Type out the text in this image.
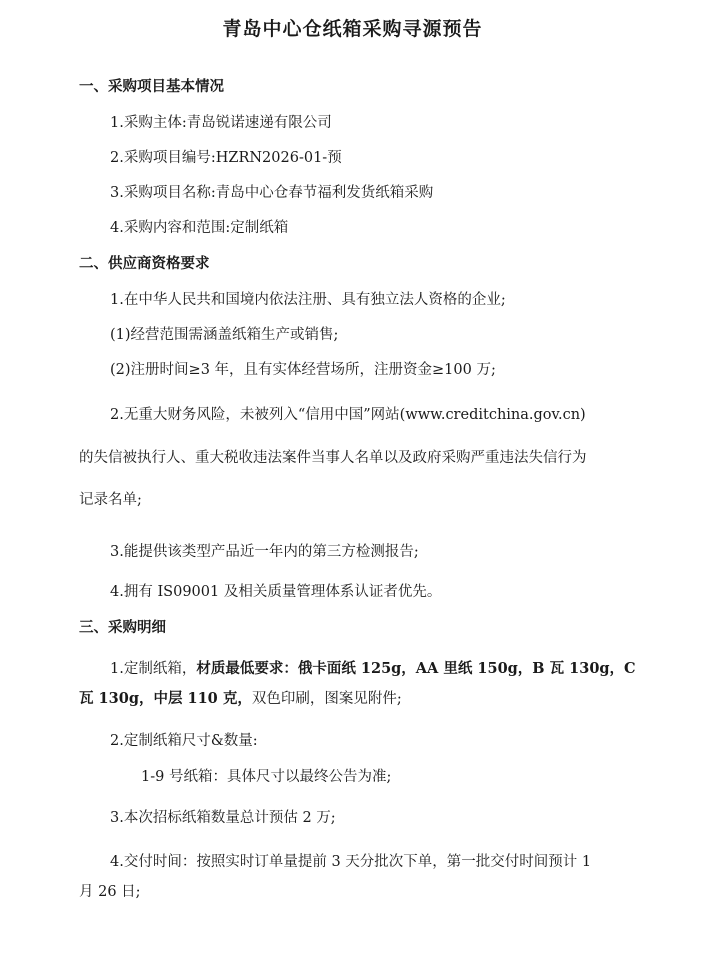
青岛中心仓纸箱采购寻源预告
一、采购项目基本情况
1.采购主体:青岛锐诺速递有限公司
2.采购项目编号:HZRN2026-01-预
3.采购项目名称:青岛中心仓春节福利发货纸箱采购
4.采购内容和范围:定制纸箱
二、供应商资格要求
1.在中华人民共和国境内依法注册、具有独立法人资格的企业;
(1)经营范围需涵盖纸箱生产或销售;
(2)注册时间≥3 年，且有实体经营场所，注册资金≥100 万;
2.无重大财务风险，未被列入“信用中国”网站(www.creditchina.gov.cn)
的失信被执行人、重大税收违法案件当事人名单以及政府采购严重违法失信行为
记录名单;
3.能提供该类型产品近一年内的第三方检测报告;
4.拥有 IS09001 及相关质量管理体系认证者优先。
三、采购明细
1.定制纸箱，材质最低要求：俄卡面纸 125g，AA 里纸 150g，B 瓦 130g，C
瓦 130g，中层 110 克，双色印刷，图案见附件;
2.定制纸箱尺寸&数量:
1-9 号纸箱：具体尺寸以最终公告为准;
3.本次招标纸箱数量总计预估 2 万;
4.交付时间：按照实时订单量提前 3 天分批次下单，第一批交付时间预计 1
月 26 日;
